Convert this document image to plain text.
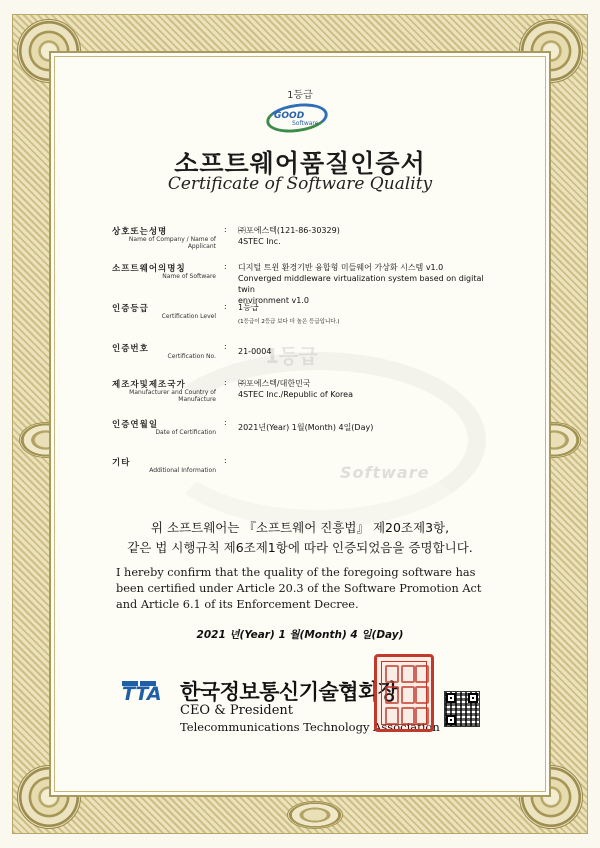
1등급
Software
1등급
GOOD
Software
소프트웨어품질인증서
Certificate of Software Quality
상호또는성명
Name of Company / Name of Applicant
: ㈜포에스텍(121-86-30329)
4STEC Inc.
소프트웨어의명칭
Name of Software
: 디지털 트윈 환경기반 융합형 미들웨어 가상화 시스템 v1.0
Converged middleware virtualization system based on digital twin
environment v1.0
인증등급
Certification Level
: 1등급
(1등급이 2등급 보다 더 높은 등급입니다.)
인증번호
Certification No.
:
21-0004
제조자및제조국가
Manufacturer and Country of Manufacture
: ㈜포에스텍/대한민국
4STEC Inc./Republic of Korea
인증연월일
Date of Certification
:
2021년(Year) 1월(Month) 4일(Day)
기타
Additional Information
:
위 소프트웨어는 『소프트웨어 진흥법』 제20조제3항,
같은 법 시행규칙 제6조제1항에 따라 인증되었음을 증명합니다.
I hereby confirm that the quality of the foregoing software has been certified under Article 20.3 of the Software Promotion Act and Article 6.1 of its Enforcement Decree.
2021 년(Year) 1 월(Month) 4 일(Day)
TTA 한국정보통신기술협회장
CEO & President
Telecommunications Technology Association
